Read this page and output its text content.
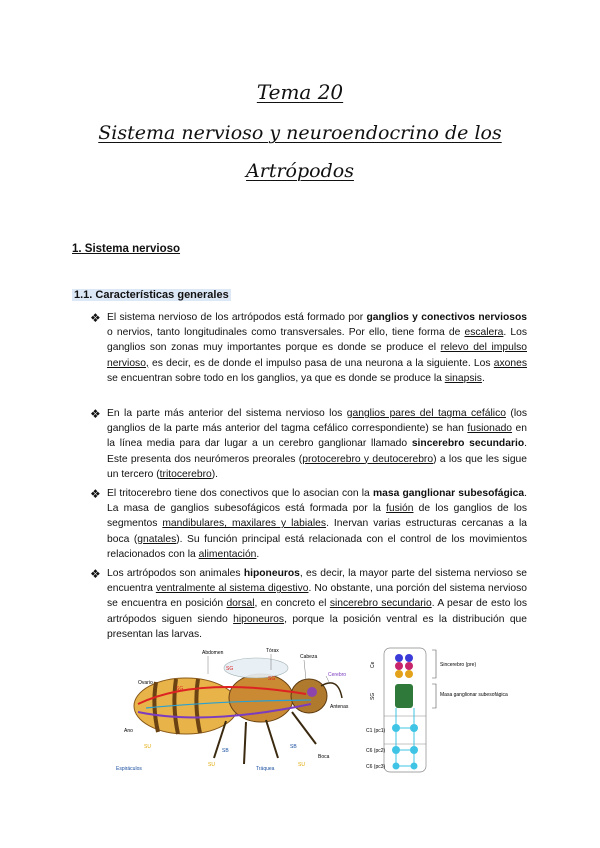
Tema 20
Sistema nervioso y neuroendocrino de los
Artrópodos
1. Sistema nervioso
1.1. Características generales
❖
❖
❖
❖
El sistema nervioso de los artrópodos está formado por ganglios y conectivos nerviosos o nervios, tanto longitudinales como transversales. Por ello, tiene forma de escalera. Los ganglios son zonas muy importantes porque es donde se produce el relevo del impulso nervioso, es decir, es de donde el impulso pasa de una neurona a la siguiente. Los axones se encuentran sobre todo en los ganglios, ya que es donde se produce la sinapsis.
En la parte más anterior del sistema nervioso los ganglios pares del tagma cefálico (los ganglios de la parte más anterior del tagma cefálico correspondiente) se han fusionado en la línea media para dar lugar a un cerebro ganglionar llamado sincerebro secundario. Este presenta dos neurómeros preorales (protocerebro y deutocerebro) a los que les sigue un tercero (tritocerebro).
El tritocerebro tiene dos conectivos que lo asocian con la masa ganglionar subesofágica. La masa de ganglios subesofágicos está formada por la fusión de los ganglios de los segmentos mandibulares, maxilares y labiales. Inervan varias estructuras cercanas a la boca (gnatales). Su función principal está relacionada con el control de los movimientos relacionados con la alimentación.
Los artrópodos son animales hiponeuros, es decir, la mayor parte del sistema nervioso se encuentra ventralmente al sistema digestivo. No obstante, una porción del sistema nervioso se encuentra en posición dorsal, en concreto el sincerebro secundario. A pesar de esto los artrópodos siguen siendo hiponeuros, porque la posición ventral es la distribución que presentan las larvas.
Abdomen	Tórax
Cabeza
Cerebro
Antenas
Ovario
Ano
Espiráculos	Tráquea
Boca
SG
SG
SG
SU
SU	SU
SB
SB
Ce
SG
C1 (pc1)
C6 (pc2)
C6 (pc3)
Sincerebro (pre)
Masa ganglionar subesofágica
